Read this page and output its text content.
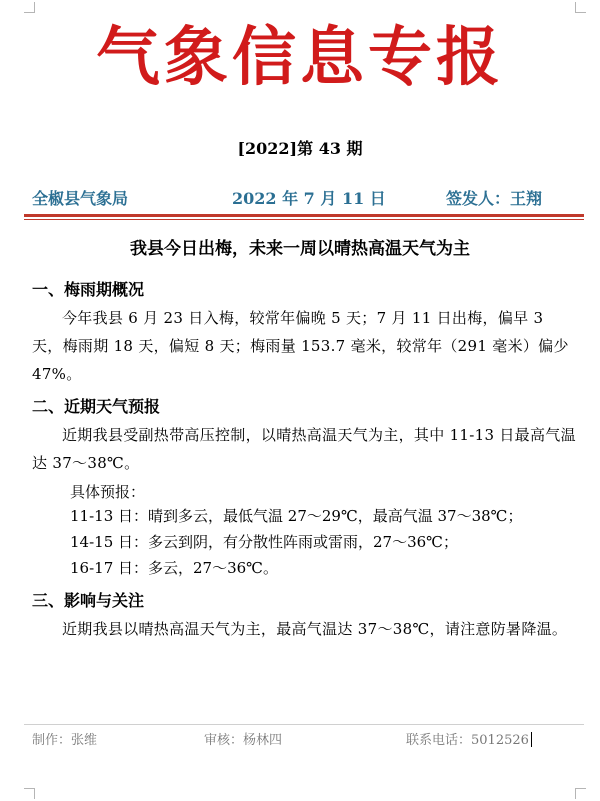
气象信息专报
[2022]第 43 期
全椒县气象局	2022 年 7 月 11 日	签发人：王翔
我县今日出梅，未来一周以晴热高温天气为主
一、梅雨期概况
今年我县 6 月 23 日入梅，较常年偏晚 5 天；7 月 11 日出梅，偏早 3 天，梅雨期 18 天，偏短 8 天；梅雨量 153.7 毫米，较常年（291 毫米）偏少 47%。
二、近期天气预报
近期我县受副热带高压控制，以晴热高温天气为主，其中 11-13 日最高气温达 37～38℃。
具体预报：
11-13 日：晴到多云，最低气温 27～29℃，最高气温 37～38℃；
14-15 日：多云到阴，有分散性阵雨或雷雨，27～36℃；
16-17 日：多云，27～36℃。
三、影响与关注
近期我县以晴热高温天气为主，最高气温达 37～38℃，请注意防暑降温。
制作：张维	审核：杨林四	联系电话：5012526
